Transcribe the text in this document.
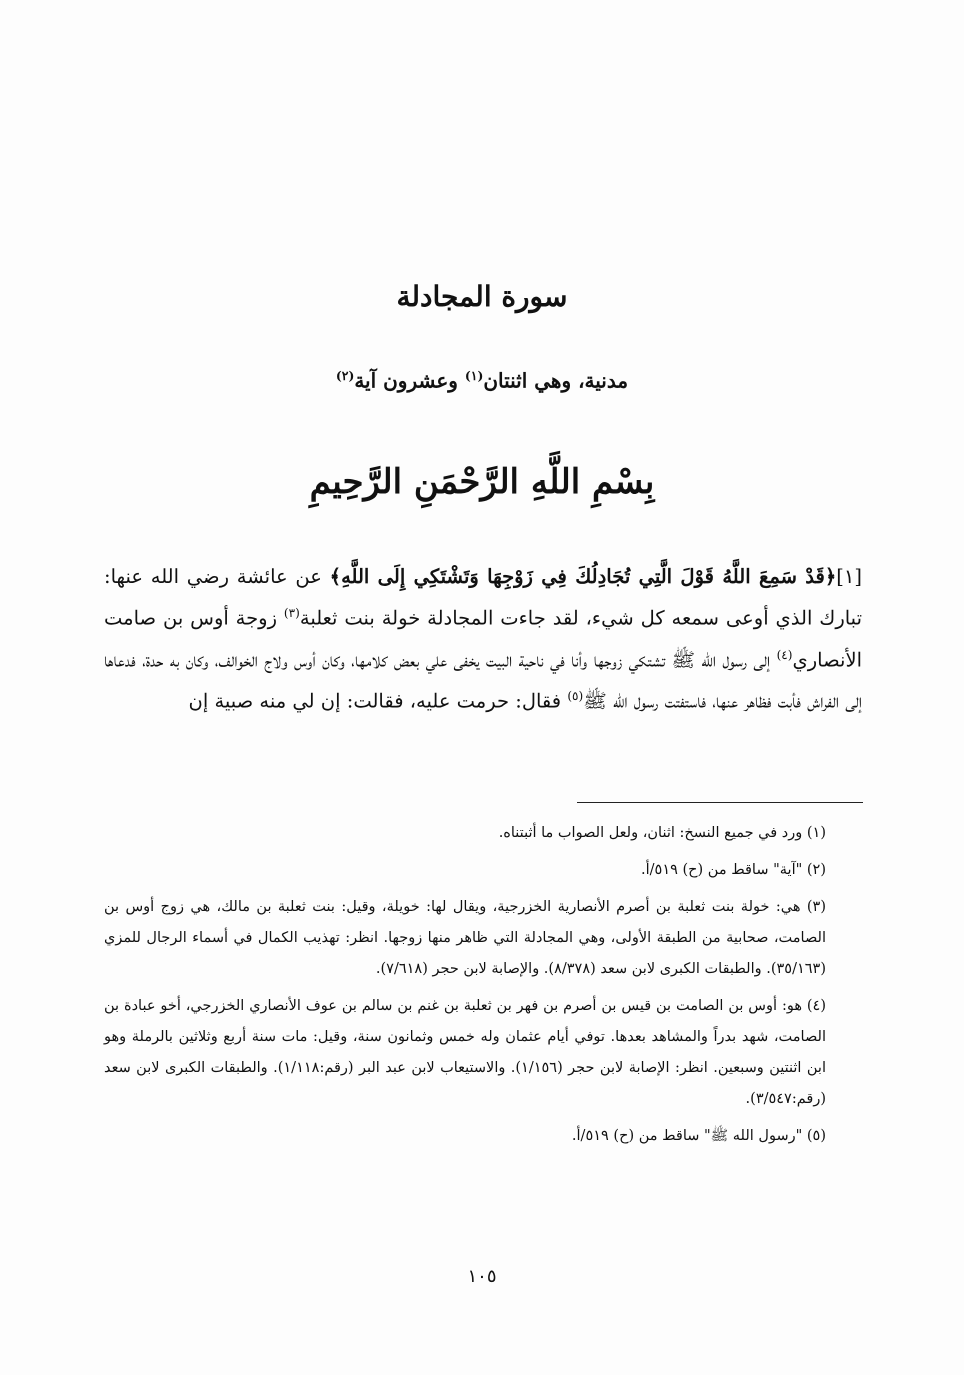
سورة المجادلة
مدنية، وهي اثنتان$^{(١)}$ وعشرون آية$^{(٢)}$
بِسْمِ اللَّهِ الرَّحْمَنِ الرَّحِيمِ
[١]﴿قَدْ سَمِعَ اللَّهُ قَوْلَ الَّتِي تُجَادِلُكَ فِي زَوْجِهَا وَتَشْتَكِي إِلَى اللَّهِ﴾ عن عائشة رضي الله عنها: تبارك الذي أوعى سمعه كل شيء، لقد جاءت المجادلة خولة بنت ثعلبة$^{(٣)}$ زوجة أوس بن صامت الأنصاري$^{(٤)}$ إلى رسول الله ﷺ تشتكي زوجها وأنا في ناحية البيت يخفى علي بعض كلامها، وكان أوس ولاج الخوالف، وكان به حدة، فدعاها إلى الفراش فأبت فظاهر عنها، فاستفتت رسول الله ﷺ$^{(٥)}$ فقال: حرمت عليه، فقالت: إن لي منه صبية إن

(١) ورد في جميع النسخ: اثنان، ولعل الصواب ما أثبتناه.

(٢) "آية" ساقط من (ح) ٥١٩/أ.

(٣) هي: خولة بنت ثعلبة بن أصرم الأنصارية الخزرجية، ويقال لها: خويلة، وقيل: بنت ثعلبة بن مالك، هي زوج أوس بن الصامت، صحابية من الطبقة الأولى، وهي المجادلة التي ظاهر منها زوجها. انظر: تهذيب الكمال في أسماء الرجال للمزي (٣٥/١٦٣). والطبقات الكبرى لابن سعد (٨/٣٧٨). والإصابة لابن حجر (٧/٦١٨).

(٤) هو: أوس بن الصامت بن قيس بن أصرم بن فهر بن ثعلبة بن غنم بن سالم بن عوف الأنصاري الخزرجي، أخو عبادة بن الصامت، شهد بدراً والمشاهد بعدها. توفي أيام عثمان وله خمس وثمانون سنة، وقيل: مات سنة أربع وثلاثين بالرملة وهو ابن اثنتين وسبعين. انظر: الإصابة لابن حجر (١/١٥٦). والاستيعاب لابن عبد البر (رقم:١/١١٨). والطبقات الكبرى لابن سعد (رقم:٣/٥٤٧).

(٥) "رسول الله ﷺ" ساقط من (ح) ٥١٩/أ.

١٠٥
